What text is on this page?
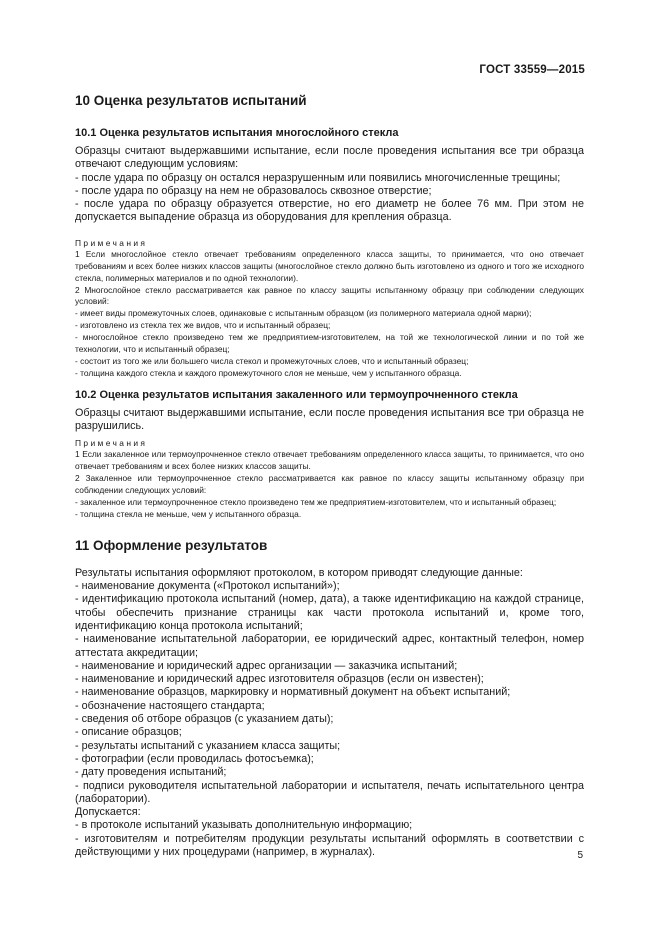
ГОСТ 33559—2015
10 Оценка результатов испытаний
10.1 Оценка результатов испытания многослойного стекла

Образцы считают выдержавшими испытание, если после проведения испытания все три образца отвечают следующим условиям:

- после удара по образцу он остался неразрушенным или появились многочисленные трещины;

- после удара по образцу на нем не образовалось сквозное отверстие;

- после удара по образцу образуется отверстие, но его диаметр не более 76 мм. При этом не допускается выпадение образца из оборудования для крепления образца.

Примечания

1 Если многослойное стекло отвечает требованиям определенного класса защиты, то принимается, что оно отвечает требованиям и всех более низких классов защиты (многослойное стекло должно быть изготовлено из одного и того же исходного стекла, полимерных материалов и по одной технологии).

2 Многослойное стекло рассматривается как равное по классу защиты испытанному образцу при соблюдении следующих условий:

- имеет виды промежуточных слоев, одинаковые с испытанным образцом (из полимерного материала одной марки);

- изготовлено из стекла тех же видов, что и испытанный образец;

- многослойное стекло произведено тем же предприятием-изготовителем, на той же технологической линии и по той же технологии, что и испытанный образец;

- состоит из того же или большего числа стекол и промежуточных слоев, что и испытанный образец;

- толщина каждого стекла и каждого промежуточного слоя не меньше, чем у испытанного образца.

10.2 Оценка результатов испытания закаленного или термоупрочненного стекла

Образцы считают выдержавшими испытание, если после проведения испытания все три образца не разрушились.

Примечания

1 Если закаленное или термоупрочненное стекло отвечает требованиям определенного класса защиты, то принимается, что оно отвечает требованиям и всех более низких классов защиты.

2 Закаленное или термоупрочненное стекло рассматривается как равное по классу защиты испытанному образцу при соблюдении следующих условий:

- закаленное или термоупрочненное стекло произведено тем же предприятием-изготовителем, что и испытанный образец;

- толщина стекла не меньше, чем у испытанного образца.

11 Оформление результатов

Результаты испытания оформляют протоколом, в котором приводят следующие данные:

- наименование документа («Протокол испытаний»);

- идентификацию протокола испытаний (номер, дата), а также идентификацию на каждой странице, чтобы обеспечить признание страницы как части протокола испытаний и, кроме того, идентификацию конца протокола испытаний;

- наименование испытательной лаборатории, ее юридический адрес, контактный телефон, номер аттестата аккредитации;

- наименование и юридический адрес организации — заказчика испытаний;

- наименование и юридический адрес изготовителя образцов (если он известен);

- наименование образцов, маркировку и нормативный документ на объект испытаний;

- обозначение настоящего стандарта;

- сведения об отборе образцов (с указанием даты);

- описание образцов;

- результаты испытаний с указанием класса защиты;

- фотографии (если проводилась фотосъемка);

- дату проведения испытаний;

- подписи руководителя испытательной лаборатории и испытателя, печать испытательного центра (лаборатории).

Допускается:

- в протоколе испытаний указывать дополнительную информацию;

- изготовителям и потребителям продукции результаты испытаний оформлять в соответствии с действующими у них процедурами (например, в журналах).	5
